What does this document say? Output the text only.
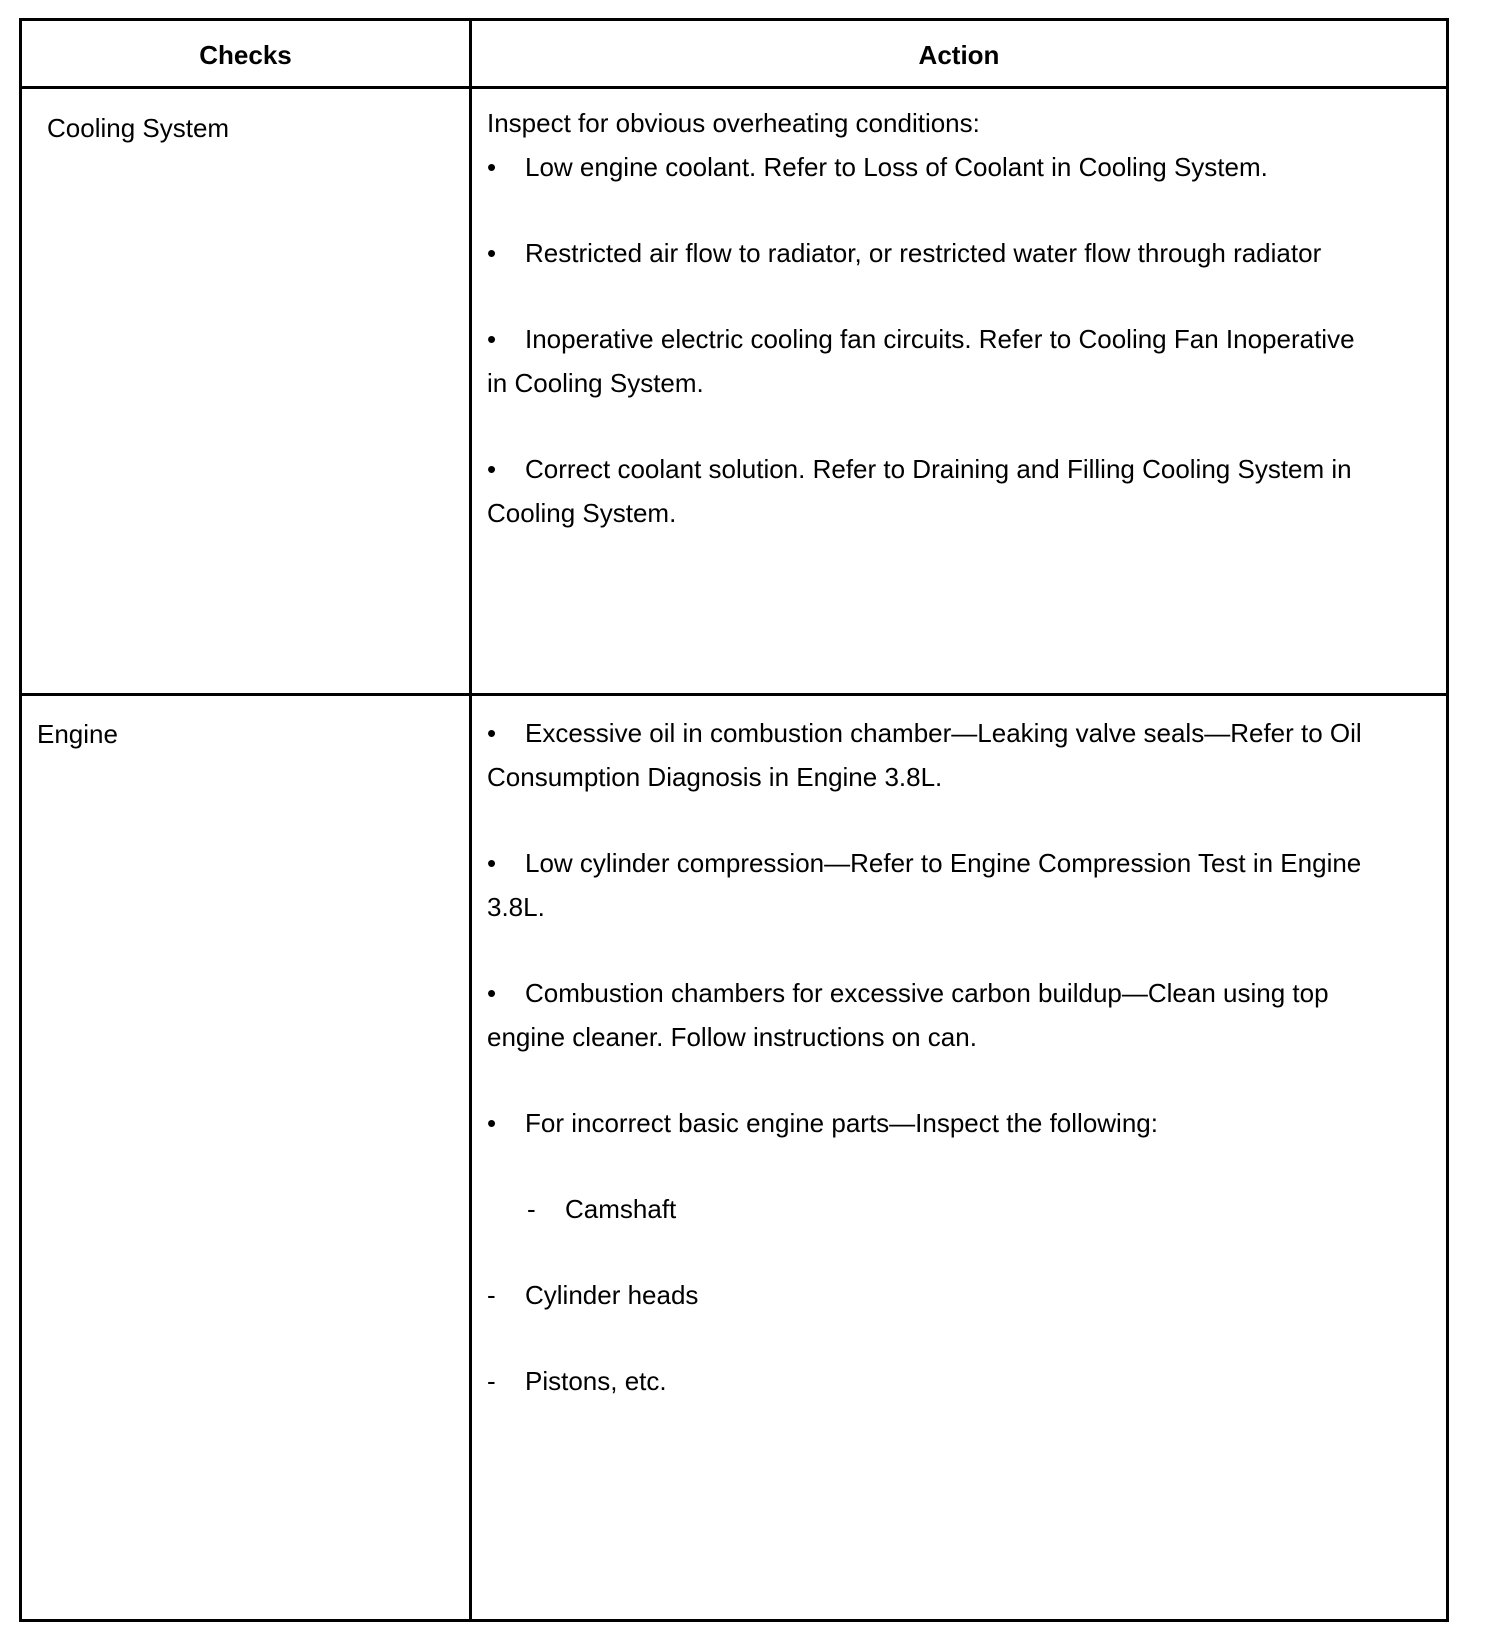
Checks	Action
Cooling System	Inspect for obvious overheating conditions:

• Low engine coolant. Refer to Loss of Coolant in Cooling System.

• Restricted air flow to radiator, or restricted water flow through radiator

• Inoperative electric cooling fan circuits. Refer to Cooling Fan Inoperative in Cooling System.

• Correct coolant solution. Refer to Draining and Filling Cooling System in Cooling System.

Engine	• Excessive oil in combustion chamber—Leaking valve seals—Refer to Oil Consumption Diagnosis in Engine 3.8L.

• Low cylinder compression—Refer to Engine Compression Test in Engine 3.8L.

• Combustion chambers for excessive carbon buildup—Clean using top engine cleaner. Follow instructions on can.

• For incorrect basic engine parts—Inspect the following:

- Camshaft

- Cylinder heads

- Pistons, etc.
